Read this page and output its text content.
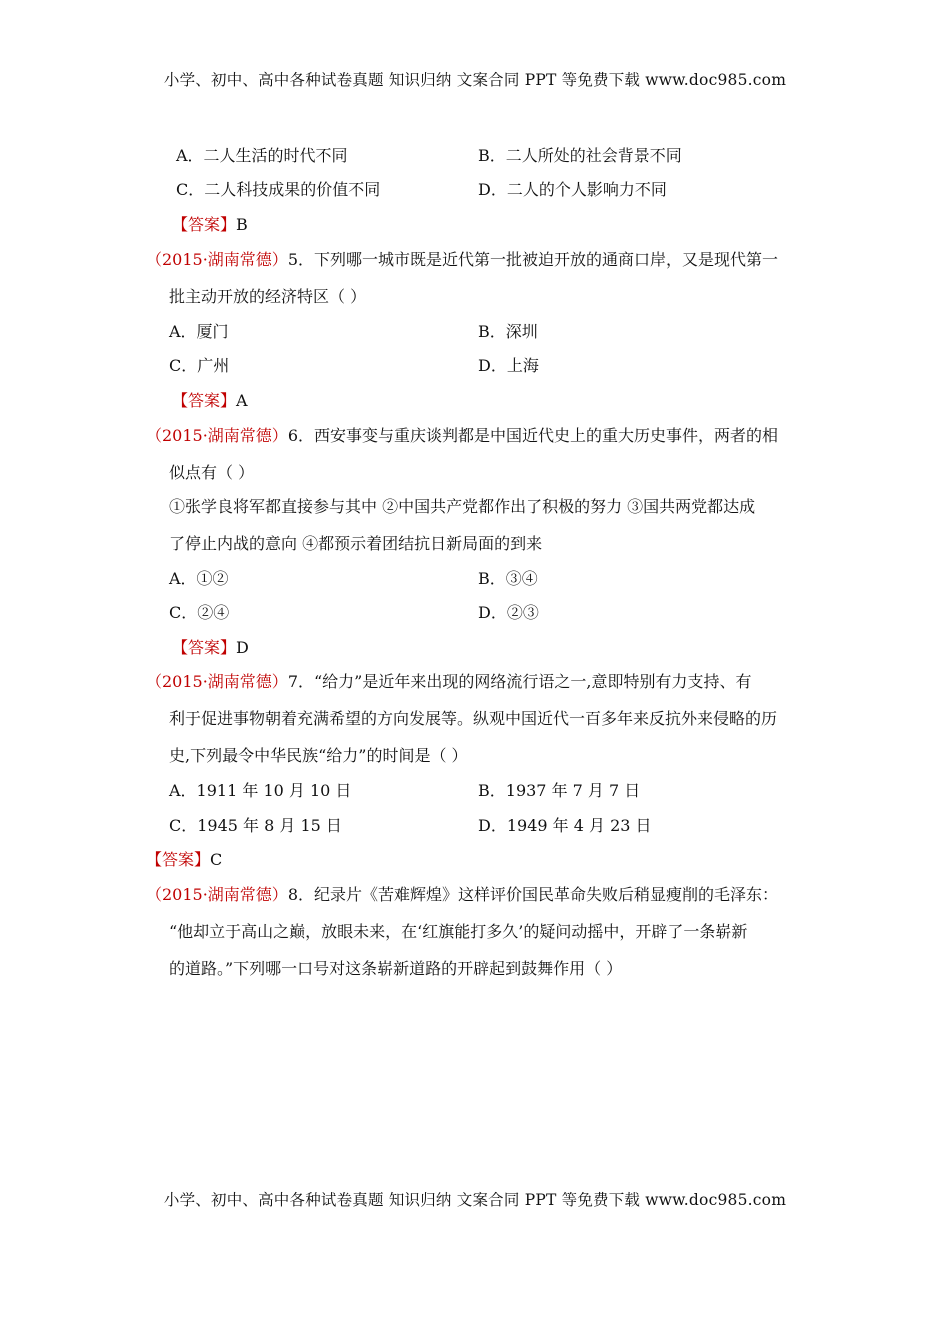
小学、初中、高中各种试卷真题 知识归纳 文案合同 PPT 等免费下载 www.doc985.com
A．二人生活的时代不同	B．二人所处的社会背景不同
C．二人科技成果的价值不同	D．二人的个人影响力不同
【答案】B
（2015·湖南常德）5．下列哪一城市既是近代第一批被迫开放的通商口岸，又是现代第一
批主动开放的经济特区（ ）
A．厦门	B．深圳
C．广州	D．上海
【答案】A
（2015·湖南常德）6．西安事变与重庆谈判都是中国近代史上的重大历史事件，两者的相
似点有（ ）
①张学良将军都直接参与其中 ②中国共产党都作出了积极的努力 ③国共两党都达成
了停止内战的意向 ④都预示着团结抗日新局面的到来
A．①②	B．③④
C．②④	D．②③
【答案】D
（2015·湖南常德）7．“给力”是近年来出现的网络流行语之一,意即特别有力支持、有
利于促进事物朝着充满希望的方向发展等。纵观中国近代一百多年来反抗外来侵略的历
史,下列最令中华民族“给力”的时间是（ ）
A．1911 年 10 月 10 日	B．1937 年 7 月 7 日
C．1945 年 8 月 15 日	D．1949 年 4 月 23 日
【答案】C
（2015·湖南常德）8．纪录片《苦难辉煌》这样评价国民革命失败后稍显瘦削的毛泽东：
“他却立于高山之巅，放眼未来，在‘红旗能打多久’的疑问动摇中，开辟了一条崭新
的道路。”下列哪一口号对这条崭新道路的开辟起到鼓舞作用（ ）
小学、初中、高中各种试卷真题 知识归纳 文案合同 PPT 等免费下载 www.doc985.com
